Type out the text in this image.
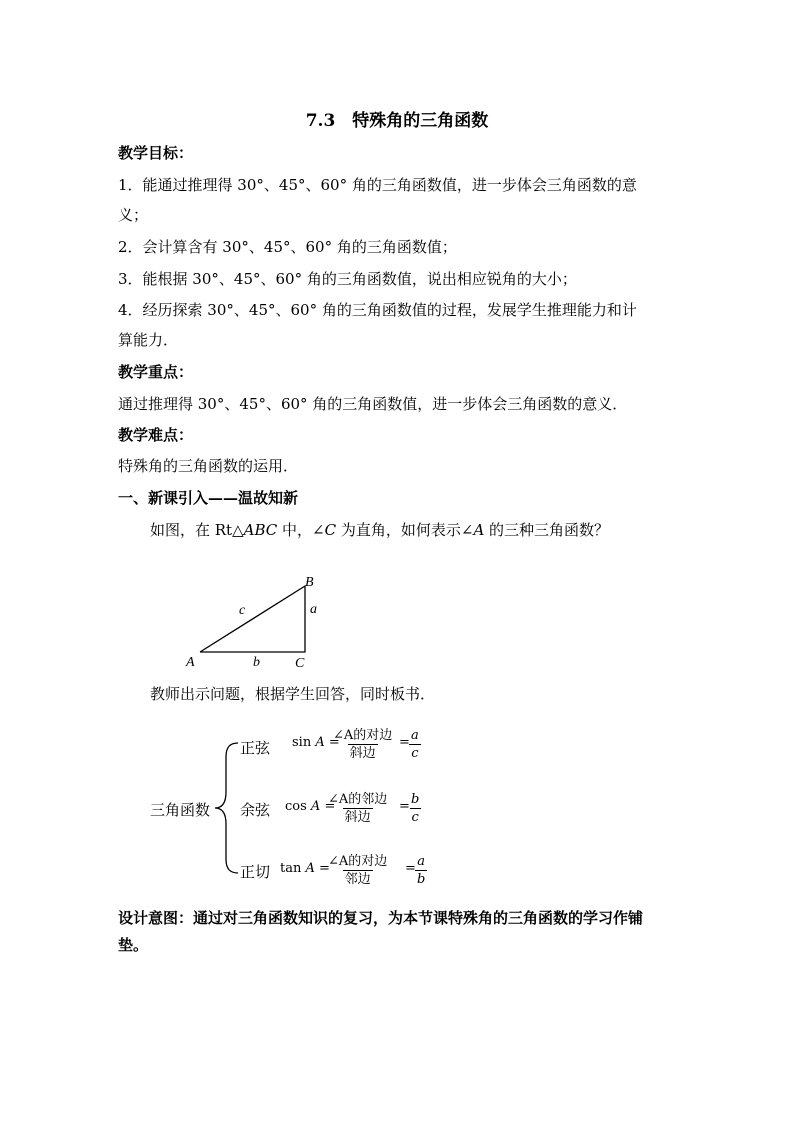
7.3　特殊角的三角函数
教学目标：
1．能通过推理得 30°、45°、60° 角的三角函数值，进一步体会三角函数的意
义；
2．会计算含有 30°、45°、60° 角的三角函数值；
3．能根据 30°、45°、60° 角的三角函数值，说出相应锐角的大小；
4．经历探索 30°、45°、60° 角的三角函数值的过程，发展学生推理能力和计
算能力．
教学重点：
通过推理得 30°、45°、60° 角的三角函数值，进一步体会三角函数的意义．
教学难点：
特殊角的三角函数的运用．
一、新课引入——温故知新
如图，在 Rt△ABC 中，∠C 为直角，如何表示∠A 的三种三角函数？
A
B
C
a
b
c
教师出示问题，根据学生回答，同时板书．
三角函数
正弦 sin A =
∠A的对边
斜边
= $\frac{a}{c}$
余弦 cos A =
∠A的邻边
斜边
= $\frac{b}{c}$
正切 tan A =
∠A的对边
邻边
= $\frac{a}{b}$
设计意图：通过对三角函数知识的复习，为本节课特殊角的三角函数的学习作铺
垫。
